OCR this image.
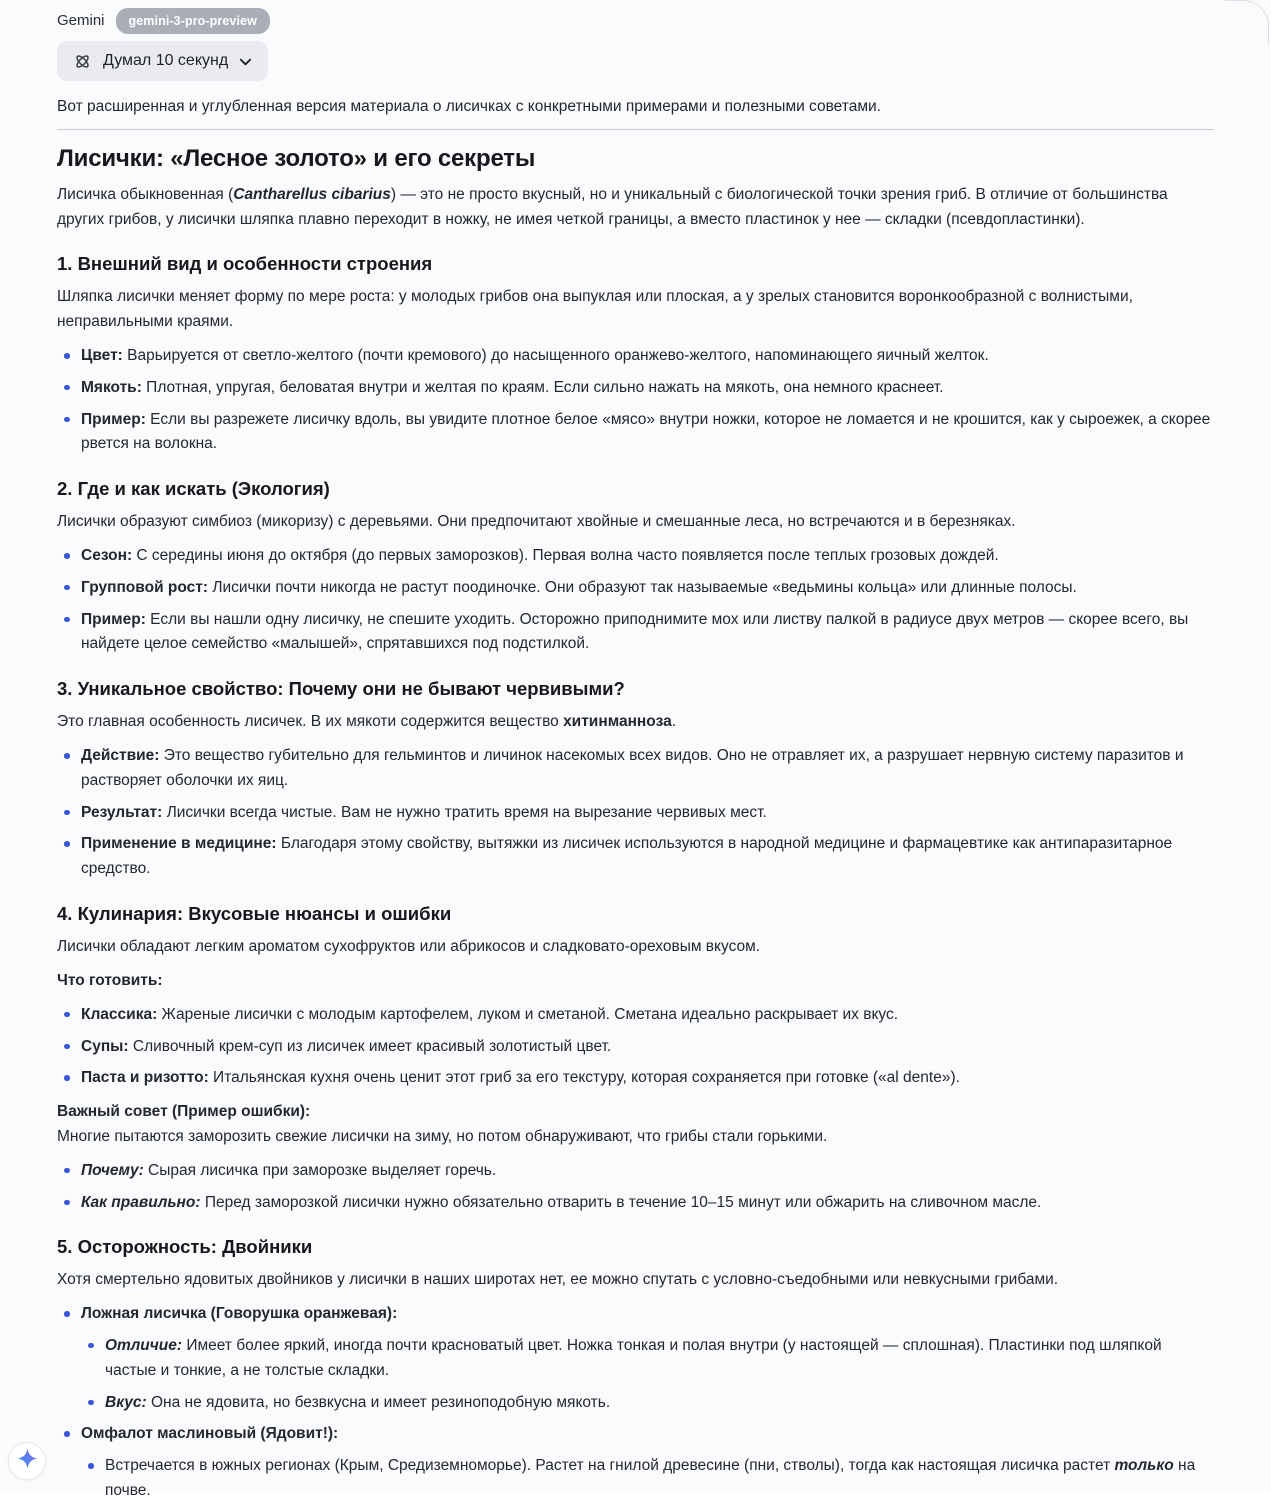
Gemini	gemini-3-pro-preview
Думал 10 секунд

Вот расширенная и углубленная версия материала о лисичках с конкретными примерами и полезными советами.

Лисички: «Лесное золото» и его секреты

Лисичка обыкновенная (Cantharellus cibarius) — это не просто вкусный, но и уникальный с биологической точки зрения гриб. В отличие от большинства других грибов, у лисички шляпка плавно переходит в ножку, не имея четкой границы, а вместо пластинок у нее — складки (псевдопластинки).

1. Внешний вид и особенности строения

Шляпка лисички меняет форму по мере роста: у молодых грибов она выпуклая или плоская, а у зрелых становится воронкообразной с волнистыми, неправильными краями.

Цвет: Варьируется от светло-желтого (почти кремового) до насыщенного оранжево-желтого, напоминающего яичный желток.
Мякоть: Плотная, упругая, беловатая внутри и желтая по краям. Если сильно нажать на мякоть, она немного краснеет.
Пример: Если вы разрежете лисичку вдоль, вы увидите плотное белое «мясо» внутри ножки, которое не ломается и не крошится, как у сыроежек, а скорее рвется на волокна.
2. Где и как искать (Экология)

Лисички образуют симбиоз (микоризу) с деревьями. Они предпочитают хвойные и смешанные леса, но встречаются и в березняках.

Сезон: С середины июня до октября (до первых заморозков). Первая волна часто появляется после теплых грозовых дождей.
Групповой рост: Лисички почти никогда не растут поодиночке. Они образуют так называемые «ведьмины кольца» или длинные полосы.
Пример: Если вы нашли одну лисичку, не спешите уходить. Осторожно приподнимите мох или листву палкой в радиусе двух метров — скорее всего, вы найдете целое семейство «малышей», спрятавшихся под подстилкой.
3. Уникальное свойство: Почему они не бывают червивыми?

Это главная особенность лисичек. В их мякоти содержится вещество хитинманноза.

Действие: Это вещество губительно для гельминтов и личинок насекомых всех видов. Оно не отравляет их, а разрушает нервную систему паразитов и растворяет оболочки их яиц.
Результат: Лисички всегда чистые. Вам не нужно тратить время на вырезание червивых мест.
Применение в медицине: Благодаря этому свойству, вытяжки из лисичек используются в народной медицине и фармацевтике как антипаразитарное средство.
4. Кулинария: Вкусовые нюансы и ошибки

Лисички обладают легким ароматом сухофруктов или абрикосов и сладковато-ореховым вкусом.

Что готовить:

Классика: Жареные лисички с молодым картофелем, луком и сметаной. Сметана идеально раскрывает их вкус.
Супы: Сливочный крем-суп из лисичек имеет красивый золотистый цвет.
Паста и ризотто: Итальянская кухня очень ценит этот гриб за его текстуру, которая сохраняется при готовке («al dente»).

Важный совет (Пример ошибки):
Многие пытаются заморозить свежие лисички на зиму, но потом обнаруживают, что грибы стали горькими.

Почему: Сырая лисичка при заморозке выделяет горечь.
Как правильно: Перед заморозкой лисички нужно обязательно отварить в течение 10–15 минут или обжарить на сливочном масле.
5. Осторожность: Двойники

Хотя смертельно ядовитых двойников у лисички в наших широтах нет, ее можно спутать с условно-съедобными или невкусными грибами.

Ложная лисичка (Говорушка оранжевая):
Отличие: Имеет более яркий, иногда почти красноватый цвет. Ножка тонкая и полая внутри (у настоящей — сплошная). Пластинки под шляпкой частые и тонкие, а не толстые складки.
Вкус: Она не ядовита, но безвкусна и имеет резиноподобную мякоть.
Омфалот маслиновый (Ядовит!):
Встречается в южных регионах (Крым, Средиземноморье). Растет на гнилой древесине (пни, стволы), тогда как настоящая лисичка растет только на почве.
